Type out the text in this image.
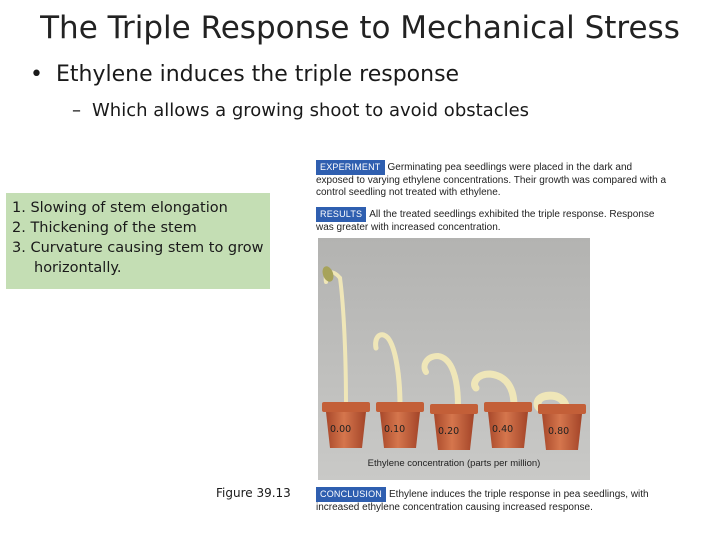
The Triple Response to Mechanical Stress
• Ethylene induces the triple response
– Which allows a growing shoot to avoid obstacles
1. Slowing of stem elongation
2. Thickening of the stem
3. Curvature causing stem to grow
horizontally.
EXPERIMENT Germinating pea seedlings were placed in the dark and exposed to varying ethylene concentrations. Their growth was compared with a control seedling not treated with ethylene.
RESULTS All the treated seedlings exhibited the triple response. Response was greater with increased concentration.
0.00	0.10	0.20	0.40	0.80
Ethylene concentration (parts per million)
Figure 39.13	CONCLUSION Ethylene induces the triple response in pea seedlings, with increased ethylene concentration causing increased response.
